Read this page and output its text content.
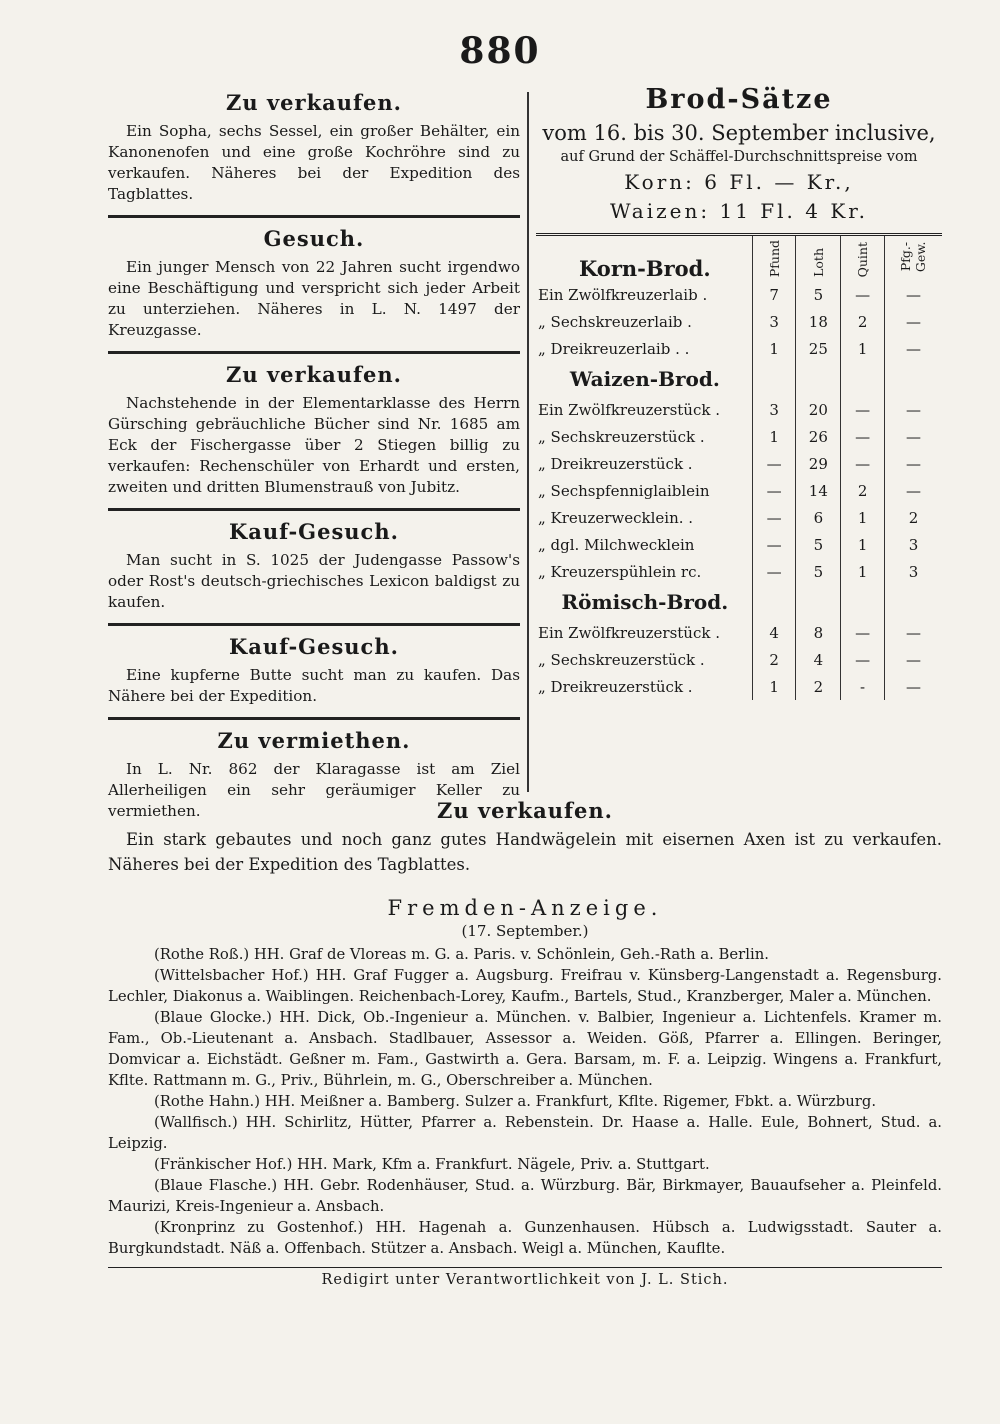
880
Zu verkaufen.

Ein Sopha, sechs Sessel, ein großer Behälter, ein Kanonenofen und eine große Kochröhre sind zu verkaufen. Näheres bei der Expedition des Tagblattes.

Gesuch.

Ein junger Mensch von 22 Jahren sucht irgendwo eine Beschäftigung und verspricht sich jeder Arbeit zu unterziehen. Näheres in L. N. 1497 der Kreuzgasse.

Zu verkaufen.

Nachstehende in der Elementarklasse des Herrn Gürsching gebräuchliche Bücher sind Nr. 1685 am Eck der Fischergasse über 2 Stiegen billig zu verkaufen: Rechenschüler von Erhardt und ersten, zweiten und dritten Blumenstrauß von Jubitz.

Kauf-Gesuch.

Man sucht in S. 1025 der Judengasse Passow's oder Rost's deutsch-griechisches Lexicon baldigst zu kaufen.

Kauf-Gesuch.

Eine kupferne Butte sucht man zu kaufen. Das Nähere bei der Expedition.

Zu vermiethen.

In L. Nr. 862 der Klaragasse ist am Ziel Allerheiligen ein sehr geräumiger Keller zu vermiethen.

Brod-Sätze
vom 16. bis 30. September inclusive,
auf Grund der Schäffel-Durchschnittspreise vom
Korn: 6 Fl. — Kr.,
Waizen: 11 Fl. 4 Kr.
Korn-Brod.	Pfund	Loth	Quint	Pfg.-Gew.
Ein Zwölfkreuzerlaib .	7	5	—	—
„ Sechskreuzerlaib .	3	18	2	—
„ Dreikreuzerlaib . .	1	25	1	—
Waizen-Brod.				
Ein Zwölfkreuzerstück .	3	20	—	—
„ Sechskreuzerstück .	1	26	—	—
„ Dreikreuzerstück .	—	29	—	—
„ Sechspfenniglaiblein	—	14	2	—
„ Kreuzerwecklein. .	—	6	1	2
„ dgl. Milchwecklein	—	5	1	3
„ Kreuzerspühlein rc.	—	5	1	3
Römisch-Brod.				
Ein Zwölfkreuzerstück .	4	8	—	—
„ Sechskreuzerstück .	2	4	—	—
„ Dreikreuzerstück .	1	2	-	—
Zu verkaufen.

Ein stark gebautes und noch ganz gutes Handwägelein mit eisernen Axen ist zu verkaufen. Näheres bei der Expedition des Tagblattes.

Fremden-Anzeige.
(17. September.)

(Rothe Roß.) HH. Graf de Vloreas m. G. a. Paris. v. Schönlein, Geh.-Rath a. Berlin.

(Wittelsbacher Hof.) HH. Graf Fugger a. Augsburg. Freifrau v. Künsberg-Langenstadt a. Regensburg. Lechler, Diakonus a. Waiblingen. Reichenbach-Lorey, Kaufm., Bartels, Stud., Kranzberger, Maler a. München.

(Blaue Glocke.) HH. Dick, Ob.-Ingenieur a. München. v. Balbier, Ingenieur a. Lichtenfels. Kramer m. Fam., Ob.-Lieutenant a. Ansbach. Stadlbauer, Assessor a. Weiden. Göß, Pfarrer a. Ellingen. Beringer, Domvicar a. Eichstädt. Geßner m. Fam., Gastwirth a. Gera. Barsam, m. F. a. Leipzig. Wingens a. Frankfurt, Kflte. Rattmann m. G., Priv., Bührlein, m. G., Oberschreiber a. München.

(Rothe Hahn.) HH. Meißner a. Bamberg. Sulzer a. Frankfurt, Kflte. Rigemer, Fbkt. a. Würzburg.

(Wallfisch.) HH. Schirlitz, Hütter, Pfarrer a. Rebenstein. Dr. Haase a. Halle. Eule, Bohnert, Stud. a. Leipzig.

(Fränkischer Hof.) HH. Mark, Kfm a. Frankfurt. Nägele, Priv. a. Stuttgart.

(Blaue Flasche.) HH. Gebr. Rodenhäuser, Stud. a. Würzburg. Bär, Birkmayer, Bauaufseher a. Pleinfeld. Maurizi, Kreis-Ingenieur a. Ansbach.

(Kronprinz zu Gostenhof.) HH. Hagenah a. Gunzenhausen. Hübsch a. Ludwigsstadt. Sauter a. Burgkundstadt. Näß a. Offenbach. Stützer a. Ansbach. Weigl a. München, Kauflte.

Redigirt unter Verantwortlichkeit von J. L. Stich.
